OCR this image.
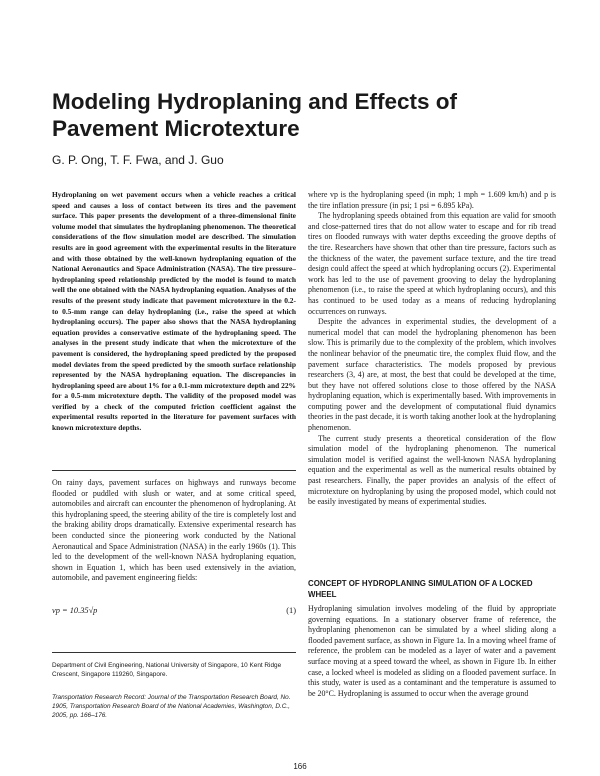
Modeling Hydroplaning and Effects of Pavement Microtexture

G. P. Ong, T. F. Fwa, and J. Guo

Hydroplaning on wet pavement occurs when a vehicle reaches a critical speed and causes a loss of contact between its tires and the pavement surface. This paper presents the development of a three-dimensional finite volume model that simulates the hydroplaning phenomenon. The theoretical considerations of the flow simulation model are described. The simulation results are in good agreement with the experimental results in the literature and with those obtained by the well-known hydroplaning equation of the National Aeronautics and Space Administration (NASA). The tire pressure–hydroplaning speed relationship predicted by the model is found to match well the one obtained with the NASA hydroplaning equation. Analyses of the results of the present study indicate that pavement microtexture in the 0.2- to 0.5-mm range can delay hydroplaning (i.e., raise the speed at which hydroplaning occurs). The paper also shows that the NASA hydroplaning equation provides a conservative estimate of the hydroplaning speed. The analyses in the present study indicate that when the microtexture of the pavement is considered, the hydroplaning speed predicted by the proposed model deviates from the speed predicted by the smooth surface relationship represented by the NASA hydroplaning equation. The discrepancies in hydroplaning speed are about 1% for a 0.1-mm microtexture depth and 22% for a 0.5-mm microtexture depth. The validity of the proposed model was verified by a check of the computed friction coefficient against the experimental results reported in the literature for pavement surfaces with known microtexture depths.

On rainy days, pavement surfaces on highways and runways become flooded or puddled with slush or water, and at some critical speed, automobiles and aircraft can encounter the phenomenon of hydroplaning. At this hydroplaning speed, the steering ability of the tire is completely lost and the braking ability drops dramatically. Extensive experimental research has been conducted since the pioneering work conducted by the National Aeronautical and Space Administration (NASA) in the early 1960s (1). This led to the development of the well-known NASA hydroplaning equation, shown in Equation 1, which has been used extensively in the aviation, automobile, and pavement engineering fields:

vp = 10.35√p	(1)

Department of Civil Engineering, National University of Singapore, 10 Kent Ridge Crescent, Singapore 119260, Singapore.

Transportation Research Record: Journal of the Transportation Research Board, No. 1905, Transportation Research Board of the National Academies, Washington, D.C., 2005, pp. 166–176.

where vp is the hydroplaning speed (in mph; 1 mph = 1.609 km/h) and p is the tire inflation pressure (in psi; 1 psi = 6.895 kPa).

The hydroplaning speeds obtained from this equation are valid for smooth and close-patterned tires that do not allow water to escape and for rib tread tires on flooded runways with water depths exceeding the groove depths of the tire. Researchers have shown that other than tire pressure, factors such as the thickness of the water, the pavement surface texture, and the tire tread design could affect the speed at which hydroplaning occurs (2). Experimental work has led to the use of pavement grooving to delay the hydroplaning phenomenon (i.e., to raise the speed at which hydroplaning occurs), and this has continued to be used today as a means of reducing hydroplaning occurrences on runways.

Despite the advances in experimental studies, the development of a numerical model that can model the hydroplaning phenomenon has been slow. This is primarily due to the complexity of the problem, which involves the nonlinear behavior of the pneumatic tire, the complex fluid flow, and the pavement surface characteristics. The models proposed by previous researchers (3, 4) are, at most, the best that could be developed at the time, but they have not offered solutions close to those offered by the NASA hydroplaning equation, which is experimentally based. With improvements in computing power and the development of computational fluid dynamics theories in the past decade, it is worth taking another look at the hydroplaning phenomenon.

The current study presents a theoretical consideration of the flow simulation model of the hydroplaning phenomenon. The numerical simulation model is verified against the well-known NASA hydroplaning equation and the experimental as well as the numerical results obtained by past researchers. Finally, the paper provides an analysis of the effect of microtexture on hydroplaning by using the proposed model, which could not be easily investigated by means of experimental studies.

CONCEPT OF HYDROPLANING SIMULATION OF A LOCKED WHEEL

Hydroplaning simulation involves modeling of the fluid by appropriate governing equations. In a stationary observer frame of reference, the hydroplaning phenomenon can be simulated by a wheel sliding along a flooded pavement surface, as shown in Figure 1a. In a moving wheel frame of reference, the problem can be modeled as a layer of water and a pavement surface moving at a speed toward the wheel, as shown in Figure 1b. In either case, a locked wheel is modeled as sliding on a flooded pavement surface. In this study, water is used as a contaminant and the temperature is assumed to be 20°C. Hydroplaning is assumed to occur when the average ground

166
